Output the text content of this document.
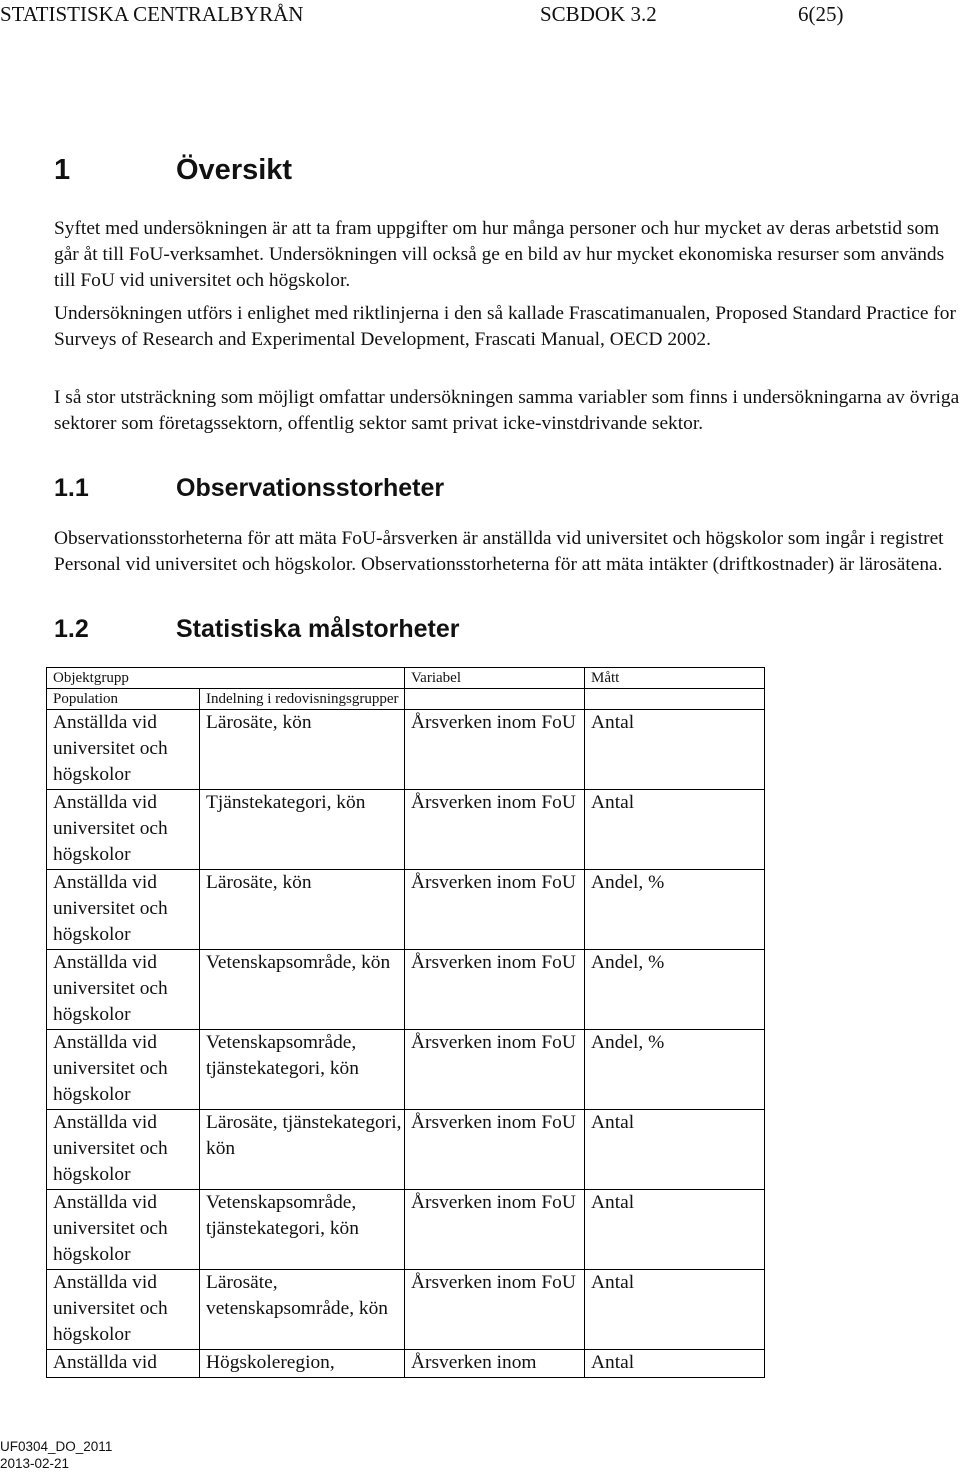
STATISTISKA CENTRALBYRÅN	SCBDOK 3.2	6(25)
1	Översikt

Syftet med undersökningen är att ta fram uppgifter om hur många personer och hur mycket av deras arbetstid som går åt till FoU-verksamhet. Undersökningen vill också ge en bild av hur mycket ekonomiska resurser som används till FoU vid universitet och högskolor.

Undersökningen utförs i enlighet med riktlinjerna i den så kallade Frascatimanualen, Proposed Standard Practice for Surveys of Research and Experimental Development, Frascati Manual, OECD 2002.

I så stor utsträckning som möjligt omfattar undersökningen samma variabler som finns i undersökningarna av övriga sektorer som företagssektorn, offentlig sektor samt privat icke-vinstdrivande sektor.

1.1	Observationsstorheter

Observationsstorheterna för att mäta FoU-årsverken är anställda vid universitet och högskolor som ingår i registret Personal vid universitet och högskolor. Observationsstorheterna för att mäta intäkter (driftkostnader) är lärosätena.

1.2	Statistiska målstorheter
Objektgrupp		Variabel	Mått
Population	Indelning i redovisningsgrupper		
Anställda vid universitet och högskolor	Lärosäte, kön	Årsverken inom FoU	Antal
Anställda vid universitet och högskolor	Tjänstekategori, kön	Årsverken inom FoU	Antal
Anställda vid universitet och högskolor	Lärosäte, kön	Årsverken inom FoU	Andel, %
Anställda vid universitet och högskolor	Vetenskapsområde, kön	Årsverken inom FoU	Andel, %
Anställda vid universitet och högskolor	Vetenskapsområde, tjänstekategori, kön	Årsverken inom FoU	Andel, %
Anställda vid universitet och högskolor	Lärosäte, tjänstekategori, kön	Årsverken inom FoU	Antal
Anställda vid universitet och högskolor	Vetenskapsområde, tjänstekategori, kön	Årsverken inom FoU	Antal
Anställda vid universitet och högskolor	Lärosäte, vetenskapsområde, kön	Årsverken inom FoU	Antal
Anställda vid	Högskoleregion,	Årsverken inom	Antal
UF0304_DO_2011
2013-02-21
